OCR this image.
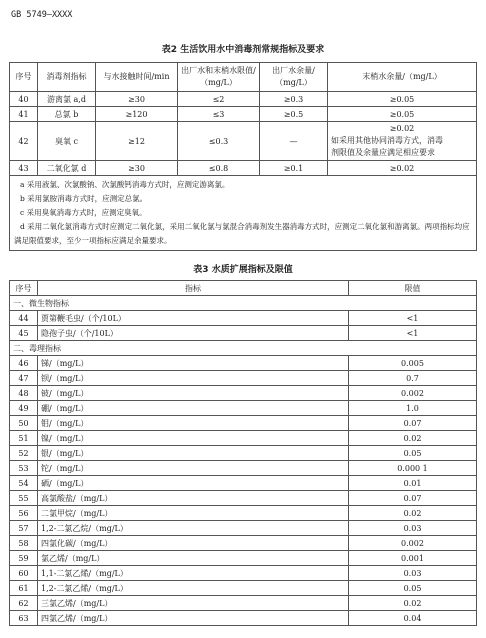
GB 5749—XXXX
表2 生活饮用水中消毒剂常规指标及要求
序号	消毒剂指标	与水接触时间/min	出厂水和末梢水限值/（mg/L）	出厂水余量/（mg/L）	末梢水余量/（mg/L）
40	游离氯 a,d	≥30	≤2	≥0.3	≥0.05
41	总氯 b	≥120	≤3	≥0.5	≥0.05
42	臭氧 c	≥12	≤0.3	—	≥0.02
如采用其他协同消毒方式，消毒
剂限值及余量应满足相应要求

43	二氧化氯 d	≥30	≤0.8	≥0.1	≥0.02

a 采用液氯、次氯酸钠、次氯酸钙消毒方式时，应测定游离氯。
b 采用氯胺消毒方式时，应测定总氯。
c 采用臭氧消毒方式时，应测定臭氧。
d 采用二氧化氯消毒方式时应测定二氧化氯，采用二氧化氯与氯混合消毒剂发生器消毒方式时，应测定二氧化氯和游离氯。两项指标均应满足限值要求，至少一项指标应满足余量要求。					
表3 水质扩展指标及限值
序号	指标	限值
一、微生物指标		
44	贾第鞭毛虫/（个/10L）	<1
45	隐孢子虫/（个/10L）	<1
二、毒理指标		
46	锑/（mg/L）	0.005
47	钡/（mg/L）	0.7
48	铍/（mg/L）	0.002
49	硼/（mg/L）	1.0
50	钼/（mg/L）	0.07
51	镍/（mg/L）	0.02
52	银/（mg/L）	0.05
53	铊/（mg/L）	0.000 1
54	硒/（mg/L）	0.01
55	高氯酸盐/（mg/L）	0.07
56	二氯甲烷/（mg/L）	0.02
57	1,2-二氯乙烷/（mg/L）	0.03
58	四氯化碳/（mg/L）	0.002
59	氯乙烯/（mg/L）	0.001
60	1,1-二氯乙烯/（mg/L）	0.03
61	1,2-二氯乙烯/（mg/L）	0.05
62	三氯乙烯/（mg/L）	0.02
63	四氯乙烯/（mg/L）	0.04
